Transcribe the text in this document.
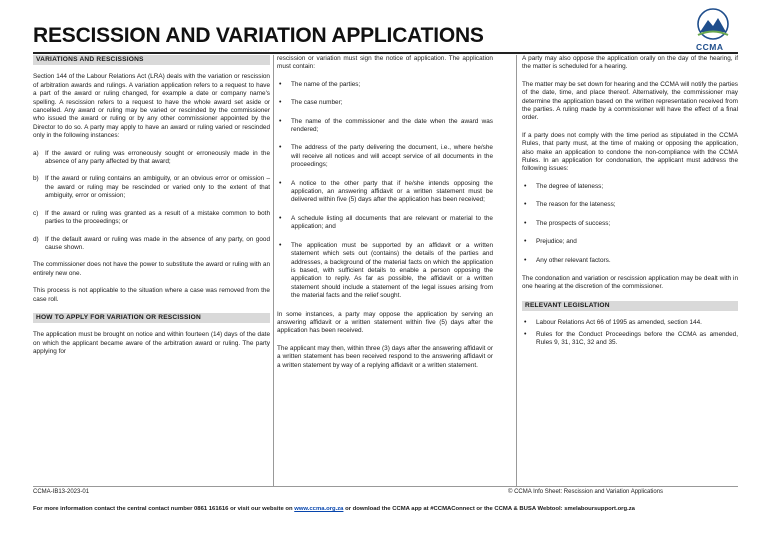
CCMA
RESCISSION AND VARIATION APPLICATIONS
VARIATIONS AND RESCISSIONS

Section 144 of the Labour Relations Act (LRA) deals with the variation or rescission of arbitration awards and rulings. A variation application refers to a request to have a part of the award or ruling changed, for example a date or company name's spelling. A rescission refers to a request to have the whole award set aside or cancelled. Any award or ruling may be varied or rescinded by the commissioner who issued the award or ruling or by any other commissioner appointed by the Director to do so. A party may apply to have an award or ruling varied or rescinded only in the following instances:

a) If the award or ruling was erroneously sought or erroneously made in the absence of any party affected by that award;
b) If the award or ruling contains an ambiguity, or an obvious error or omission – the award or ruling may be rescinded or varied only to the extent of that ambiguity, error or omission;
c) If the award or ruling was granted as a result of a mistake common to both parties to the proceedings; or
d) If the default award or ruling was made in the absence of any party, on good cause shown.

The commissioner does not have the power to substitute the award or ruling with an entirely new one.

This process is not applicable to the situation where a case was removed from the case roll.

HOW TO APPLY FOR VARIATION OR RESCISSION

The application must be brought on notice and within fourteen (14) days of the date on which the applicant became aware of the arbitration award or ruling. The party applying for

rescission or variation must sign the notice of application. The application must contain:

• The name of the parties;
• The case number;
• The name of the commissioner and the date when the award was rendered;
• The address of the party delivering the document, i.e., where he/she will receive all notices and will accept service of all documents in the proceedings;
• A notice to the other party that if he/she intends opposing the application, an answering affidavit or a written statement must be delivered within five (5) days after the application has been received;
• A schedule listing all documents that are relevant or material to the application; and
• The application must be supported by an affidavit or a written statement which sets out (contains) the details of the parties and addresses, a background of the material facts on which the application is based, with sufficient details to enable a person opposing the application to reply. As far as possible, the affidavit or a written statement should include a statement of the legal issues arising from the material facts and the relief sought.

In some instances, a party may oppose the application by serving an answering affidavit or a written statement within five (5) days after the application has been received.

The applicant may then, within three (3) days after the answering affidavit or a written statement has been received respond to the answering affidavit or a written statement by way of a replying affidavit or a written statement.

A party may also oppose the application orally on the day of the hearing, if the matter is scheduled for a hearing.

The matter may be set down for hearing and the CCMA will notify the parties of the date, time, and place thereof. Alternatively, the commissioner may determine the application based on the written representation received from the parties. A ruling made by a commissioner will have the effect of a final order.

If a party does not comply with the time period as stipulated in the CCMA Rules, that party must, at the time of making or opposing the application, also make an application to condone the non-compliance with the CCMA Rules. In an application for condonation, the applicant must address the following issues:

• The degree of lateness;
• The reason for the lateness;
• The prospects of success;
• Prejudice; and
• Any other relevant factors.

The condonation and variation or rescission application may be dealt with in one hearing at the discretion of the commissioner.

RELEVANT LEGISLATION
• Labour Relations Act 66 of 1995 as amended, section 144.
• Rules for the Conduct Proceedings before the CCMA as amended, Rules 9, 31, 31C, 32 and 35.
CCMA-IB13-2023-01	© CCMA Info Sheet: Rescission and Variation Applications
For more information contact the central contact number 0861 161616 or visit our website on www.ccma.org.za or download the CCMA app at #CCMAConnect or the CCMA & BUSA Webtool: smelaboursupport.org.za
